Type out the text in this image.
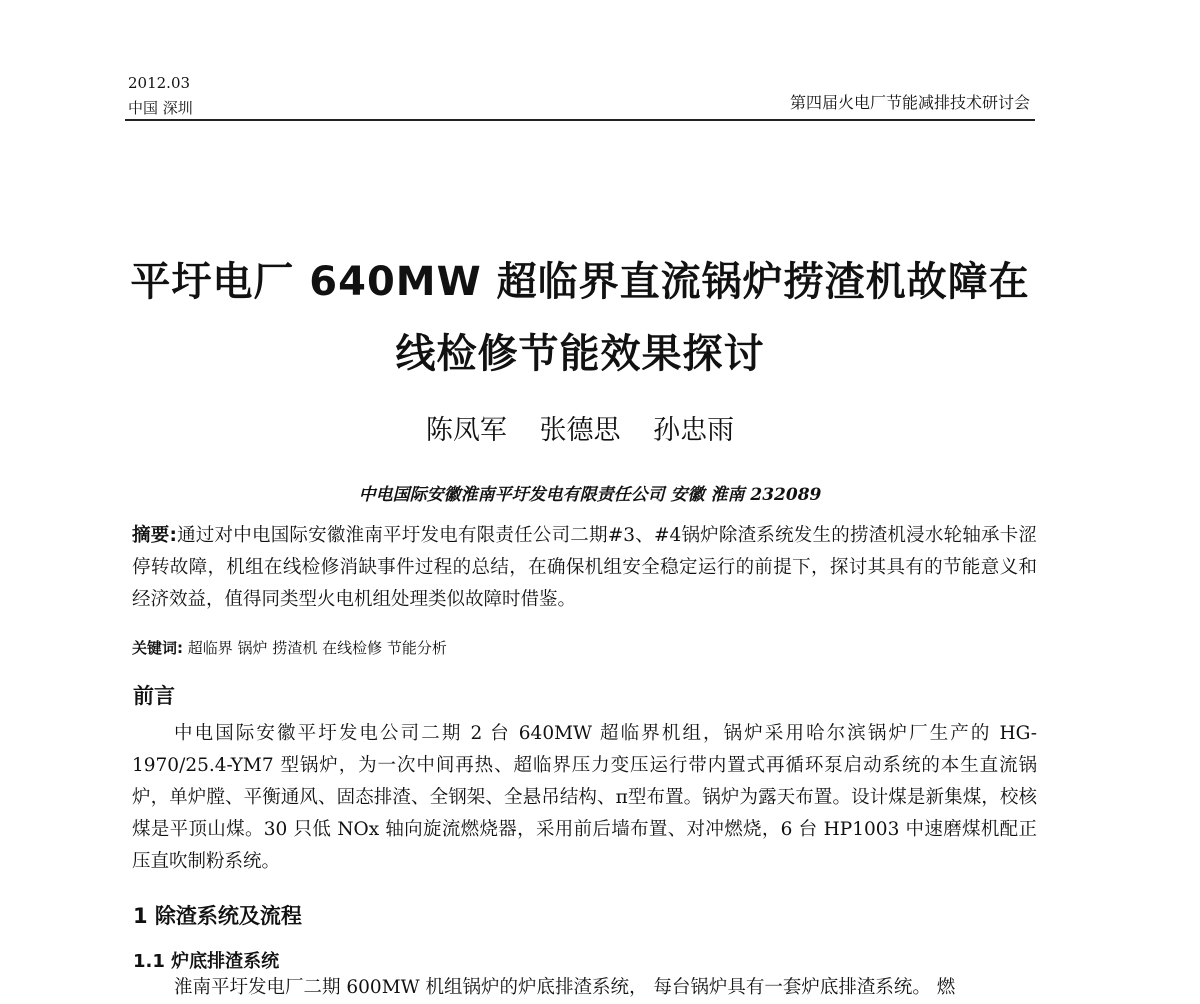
2012.03
中国 深圳	第四届火电厂节能减排技术研讨会
平圩电厂 640MW 超临界直流锅炉捞渣机故障在
线检修节能效果探讨
陈凤军 张德思 孙忠雨
中电国际安徽淮南平圩发电有限责任公司 安徽 淮南 232089
摘要:通过对中电国际安徽淮南平圩发电有限责任公司二期#3、#4锅炉除渣系统发生的捞渣机浸水轮轴承卡涩停转故障，机组在线检修消缺事件过程的总结，在确保机组安全稳定运行的前提下，探讨其具有的节能意义和经济效益，值得同类型火电机组处理类似故障时借鉴。
关键词: 超临界 锅炉 捞渣机 在线检修 节能分析
前言
中电国际安徽平圩发电公司二期 2 台 640MW 超临界机组，锅炉采用哈尔滨锅炉厂生产的 HG-1970/25.4-YM7 型锅炉，为一次中间再热、超临界压力变压运行带内置式再循环泵启动系统的本生直流锅炉，单炉膛、平衡通风、固态排渣、全钢架、全悬吊结构、π型布置。锅炉为露天布置。设计煤是新集煤，校核煤是平顶山煤。30 只低 NOx 轴向旋流燃烧器，采用前后墙布置、对冲燃烧，6 台 HP1003 中速磨煤机配正压直吹制粉系统。
1 除渣系统及流程
1.1 炉底排渣系统
淮南平圩发电厂二期 600MW 机组锅炉的炉底排渣系统， 每台锅炉具有一套炉底排渣系统。 燃
